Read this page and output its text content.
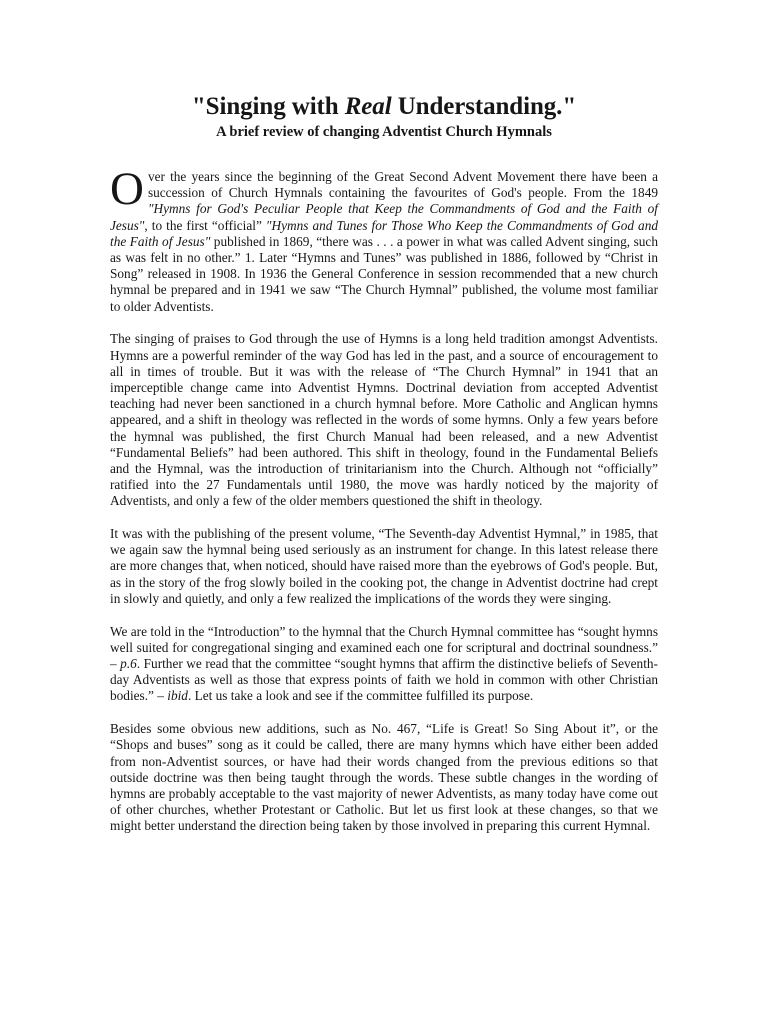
"Singing with Real Understanding."
A brief review of changing Adventist Church Hymnals

Over the years since the beginning of the Great Second Advent Movement there have been a succession of Church Hymnals containing the favourites of God's people. From the 1849 "Hymns for God's Peculiar People that Keep the Commandments of God and the Faith of Jesus", to the first “official” "Hymns and Tunes for Those Who Keep the Commandments of God and the Faith of Jesus" published in 1869, “there was . . . a power in what was called Advent singing, such as was felt in no other.” 1. Later “Hymns and Tunes” was published in 1886, followed by “Christ in Song” released in 1908. In 1936 the General Conference in session recommended that a new church hymnal be prepared and in 1941 we saw “The Church Hymnal” published, the volume most familiar to older Adventists.

The singing of praises to God through the use of Hymns is a long held tradition amongst Adventists. Hymns are a powerful reminder of the way God has led in the past, and a source of encouragement to all in times of trouble. But it was with the release of “The Church Hymnal” in 1941 that an imperceptible change came into Adventist Hymns. Doctrinal deviation from accepted Adventist teaching had never been sanctioned in a church hymnal before. More Catholic and Anglican hymns appeared, and a shift in theology was reflected in the words of some hymns. Only a few years before the hymnal was published, the first Church Manual had been released, and a new Adventist “Fundamental Beliefs” had been authored. This shift in theology, found in the Fundamental Beliefs and the Hymnal, was the introduction of trinitarianism into the Church. Although not “officially” ratified into the 27 Fundamentals until 1980, the move was hardly noticed by the majority of Adventists, and only a few of the older members questioned the shift in theology.

It was with the publishing of the present volume, “The Seventh-day Adventist Hymnal,” in 1985, that we again saw the hymnal being used seriously as an instrument for change. In this latest release there are more changes that, when noticed, should have raised more than the eyebrows of God's people. But, as in the story of the frog slowly boiled in the cooking pot, the change in Adventist doctrine had crept in slowly and quietly, and only a few realized the implications of the words they were singing.

We are told in the “Introduction” to the hymnal that the Church Hymnal committee has “sought hymns well suited for congregational singing and examined each one for scriptural and doctrinal soundness.” – p.6. Further we read that the committee “sought hymns that affirm the distinctive beliefs of Seventh-day Adventists as well as those that express points of faith we hold in common with other Christian bodies.” – ibid. Let us take a look and see if the committee fulfilled its purpose.

Besides some obvious new additions, such as No. 467, “Life is Great! So Sing About it”, or the “Shops and buses” song as it could be called, there are many hymns which have either been added from non-Adventist sources, or have had their words changed from the previous editions so that outside doctrine was then being taught through the words. These subtle changes in the wording of hymns are probably acceptable to the vast majority of newer Adventists, as many today have come out of other churches, whether Protestant or Catholic. But let us first look at these changes, so that we might better understand the direction being taken by those involved in preparing this current Hymnal.
